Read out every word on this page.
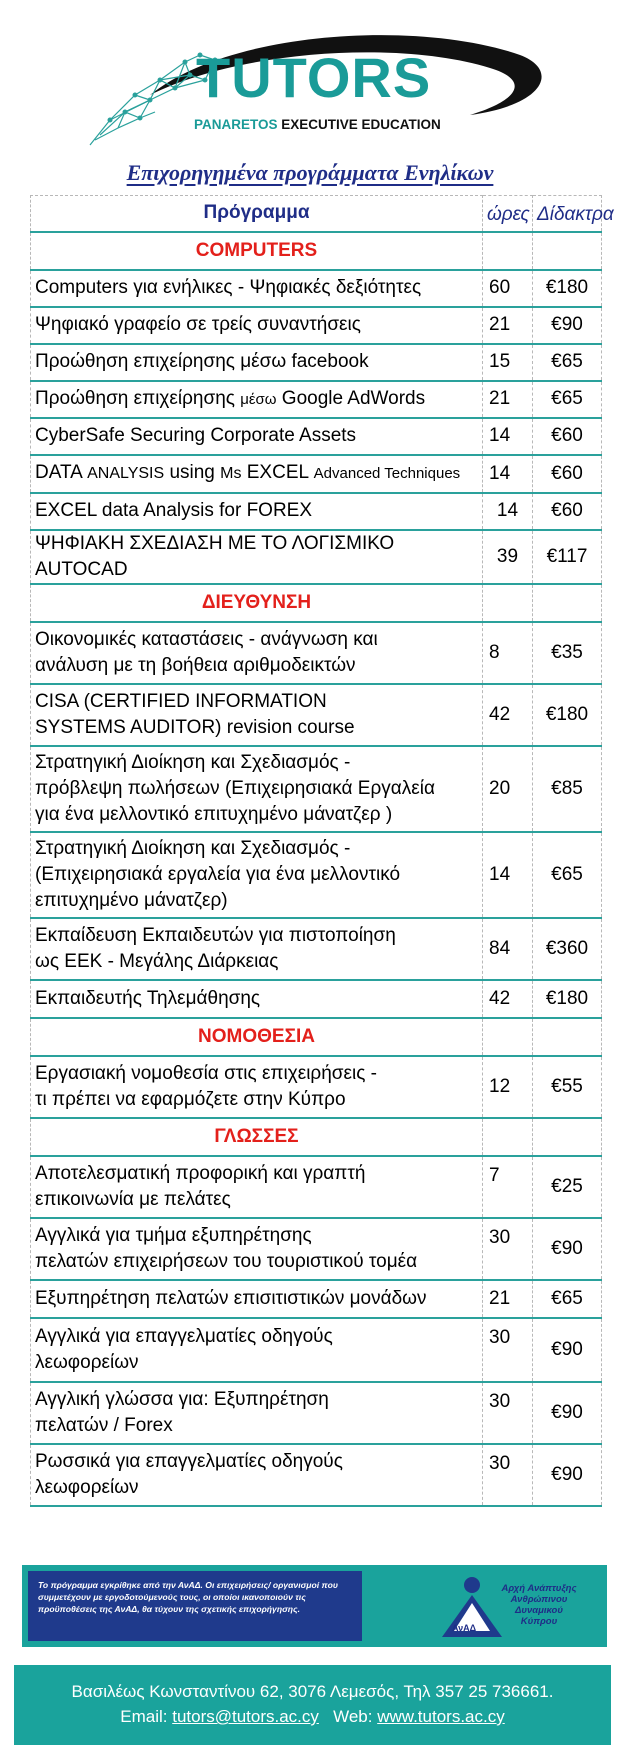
TUTORS
PANARETOS EXECUTIVE EDUCATION
Επιχορηγημένα προγράμματα Ενηλίκων
Πρόγραμμα	ώρες	Δίδακτρα
COMPUTERS		
Computers για ενήλικες - Ψηφιακές δεξιότητες	60	€180
Ψηφιακό γραφείο σε τρείς συναντήσεις	21	€90
Προώθηση επιχείρησης μέσω facebook	15	€65
Προώθηση επιχείρησης μέσω Google AdWords	21	€65
CyberSafe Securing Corporate Assets	14	€60
DATA ANALYSIS using Ms EXCEL Advanced Techniques	14	€60
EXCEL data Analysis for FOREX	14	€60
ΨΗΦΙΑΚΗ ΣΧΕΔΙΑΣΗ ΜΕ ΤΟ ΛΟΓΙΣΜΙΚΟ AUTOCAD	39	€117
ΔΙΕΥΘΥΝΣΗ		

Οικονομικές καταστάσεις - ανάγνωση και
ανάλυση με τη βοήθεια αριθμοδεικτών	8	€35

CISA (CERTIFIED INFORMATION
SYSTEMS AUDITOR) revision course	42	€180

Στρατηγική Διοίκηση και Σχεδιασμός -
πρόβλεψη πωλήσεων (Επιχειρησιακά Εργαλεία
για ένα μελλοντικό επιτυχημένο μάνατζερ )	20	€85

Στρατηγική Διοίκηση και Σχεδιασμός -
(Επιχειρησιακά εργαλεία για ένα μελλοντικό
επιτυχημένο μάνατζερ)	14	€65

Εκπαίδευση Εκπαιδευτών για πιστοποίηση
ως ΕΕΚ - Μεγάλης Διάρκειας	84	€360
Εκπαιδευτής Τηλεμάθησης	42	€180
ΝΟΜΟΘΕΣΙΑ		

Εργασιακή νομοθεσία στις επιχειρήσεις -
τι πρέπει να εφαρμόζετε στην Κύπρο	12	€55
ΓΛΩΣΣΕΣ		

Αποτελεσματική προφορική και γραπτή
επικοινωνία με πελάτες	7	€25

Αγγλικά για τμήμα εξυπηρέτησης
πελατών επιχειρήσεων του τουριστικού τομέα	30	€90
Εξυπηρέτηση πελατών επισιτιστικών μονάδων	21	€65

Αγγλικά για επαγγελματίες οδηγούς
λεωφορείων	30	€90

Αγγλική γλώσσα για: Εξυπηρέτηση
πελατών / Forex	30	€90

Ρωσσικά για επαγγελματίες οδηγούς
λεωφορείων	30	€90
Το πρόγραμμα εγκρίθηκε από την ΑνΑΔ. Οι επιχειρήσεις/ οργανισμοί που συμμετέχουν με εργοδοτούμενούς τους, οι οποίοι ικανοποιούν τις προϋποθέσεις της ΑνΑΔ, θα τύχουν της σχετικής επιχορήγησης.
ΑνΑΔ
Αρχή Ανάπτυξης
Ανθρώπινου
Δυναμικού
Κύπρου
Βασιλέως Κωνσταντίνου 62, 3076 Λεμεσός, Τηλ 357 25 736661.
Email: tutors@tutors.ac.cy Web: www.tutors.ac.cy
